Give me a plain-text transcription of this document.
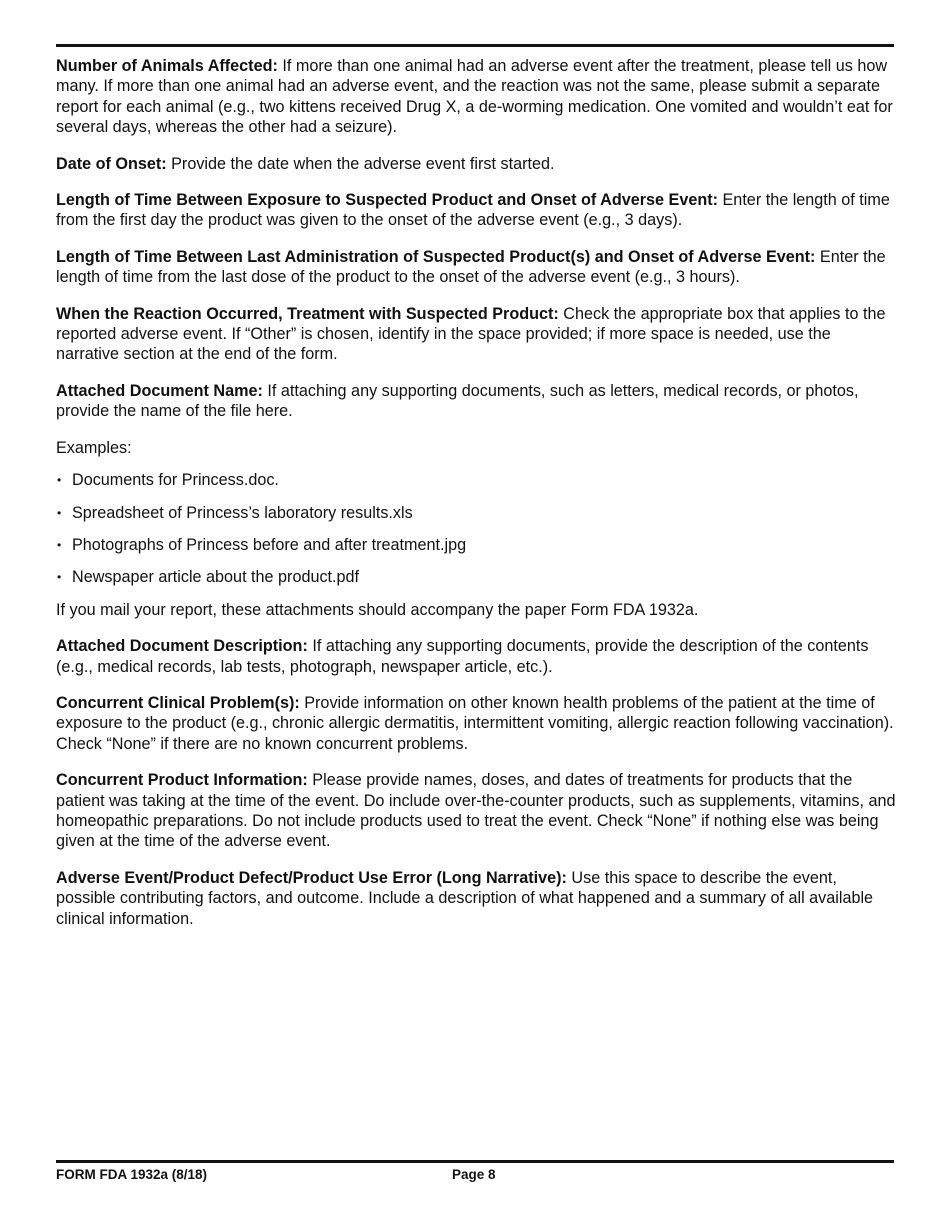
Number of Animals Affected: If more than one animal had an adverse event after the treatment, please tell us how many. If more than one animal had an adverse event, and the reaction was not the same, please submit a separate report for each animal (e.g., two kittens received Drug X, a de-worming medication. One vomited and wouldn’t eat for several days, whereas the other had a seizure).

Date of Onset: Provide the date when the adverse event first started.

Length of Time Between Exposure to Suspected Product and Onset of Adverse Event: Enter the length of time from the first day the product was given to the onset of the adverse event (e.g., 3 days).

Length of Time Between Last Administration of Suspected Product(s) and Onset of Adverse Event: Enter the length of time from the last dose of the product to the onset of the adverse event (e.g., 3 hours).

When the Reaction Occurred, Treatment with Suspected Product: Check the appropriate box that applies to the reported adverse event. If “Other” is chosen, identify in the space provided; if more space is needed, use the narrative section at the end of the form.

Attached Document Name: If attaching any supporting documents, such as letters, medical records, or photos, provide the name of the file here.

Examples:

• Documents for Princess.doc.
• Spreadsheet of Princess’s laboratory results.xls
• Photographs of Princess before and after treatment.jpg
• Newspaper article about the product.pdf

If you mail your report, these attachments should accompany the paper Form FDA 1932a.

Attached Document Description: If attaching any supporting documents, provide the description of the contents (e.g., medical records, lab tests, photograph, newspaper article, etc.).

Concurrent Clinical Problem(s): Provide information on other known health problems of the patient at the time of exposure to the product (e.g., chronic allergic dermatitis, intermittent vomiting, allergic reaction following vaccination). Check “None” if there are no known concurrent problems.

Concurrent Product Information: Please provide names, doses, and dates of treatments for products that the patient was taking at the time of the event. Do include over-the-counter products, such as supplements, vitamins, and homeopathic preparations. Do not include products used to treat the event. Check “None” if nothing else was being given at the time of the adverse event.

Adverse Event/Product Defect/Product Use Error (Long Narrative): Use this space to describe the event, possible contributing factors, and outcome. Include a description of what happened and a summary of all available clinical information.

FORM FDA 1932a (8/18)	Page 8
